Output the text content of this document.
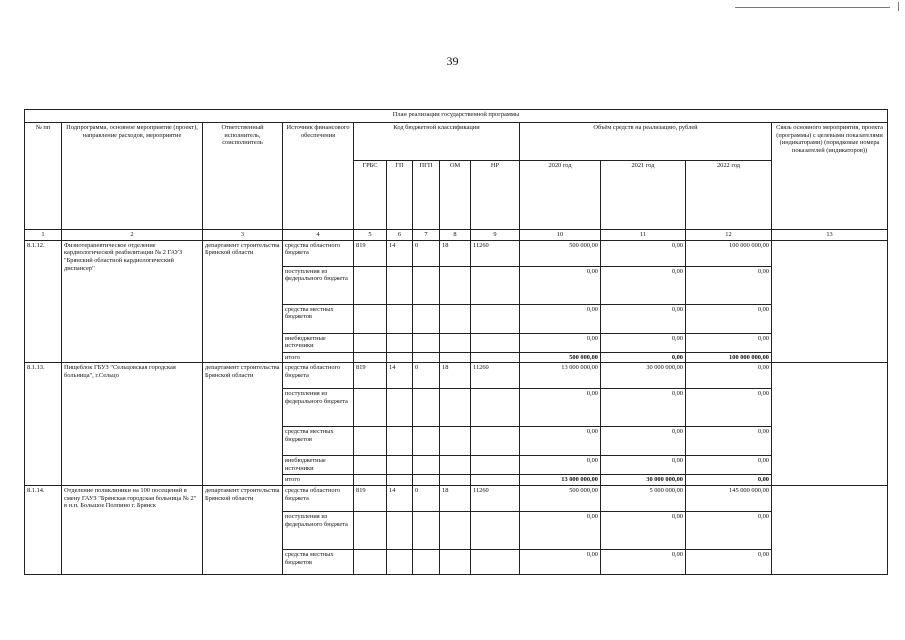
39
План реализации государственной программы												
№ пп	Подпрограмма, основное мероприятие (проект), направление расходов, мероприятие	Ответственный исполнитель, соисполнитель	Источник финансового обеспечения	Код бюджетной классификации					Объём средств на реализацию, рублей			Связь основного мероприятия, проекта (программы) с целевыми показателями (индикаторами) (порядковые номера показателей (индикаторов))
				ГРБС	ГП	ПГП	ОМ	НР	2020 год	2021 год	2022 год	
1	2	3	4	5	6	7	8	9	10	11	12	13
8.1.12.	Физиотерапевтическое отделение кардиологической реабилитации № 2 ГАУЗ "Брянский областной кардиологический диспансер"	департамент строительства Брянской области	средства областного бюджета	819	14	0	18	11260	500 000,00	0,00	100 000 000,00	
			поступления из федерального бюджета						0,00	0,00	0,00	
			средства местных бюджетов						0,00	0,00	0,00	
			внебюджетные источники						0,00	0,00	0,00	
			итого						500 000,00	0,00	100 000 000,00	
8.1.13.	Пищеблок ГБУЗ "Сельцовская городская больница", г.Сельцо	департамент строительства Брянской области	средства областного бюджета	819	14	0	18	11260	13 000 000,00	30 000 000,00	0,00	
			поступления из федерального бюджета						0,00	0,00	0,00	
			средства местных бюджетов						0,00	0,00	0,00	
			внебюджетные источники						0,00	0,00	0,00	
			итого						13 000 000,00	30 000 000,00	0,00	
8.1.14.	Отделение поликлиники на 100 посещений в смену ГАУЗ "Брянская городская больница № 2" в н.п. Большое Полпино г. Брянск	департамент строительства Брянской области	средства областного бюджета	819	14	0	18	11260	500 000,00	5 000 000,00	145 000 000,00	
			поступления из федерального бюджета						0,00	0,00	0,00	
			средства местных бюджетов						0,00	0,00	0,00	
